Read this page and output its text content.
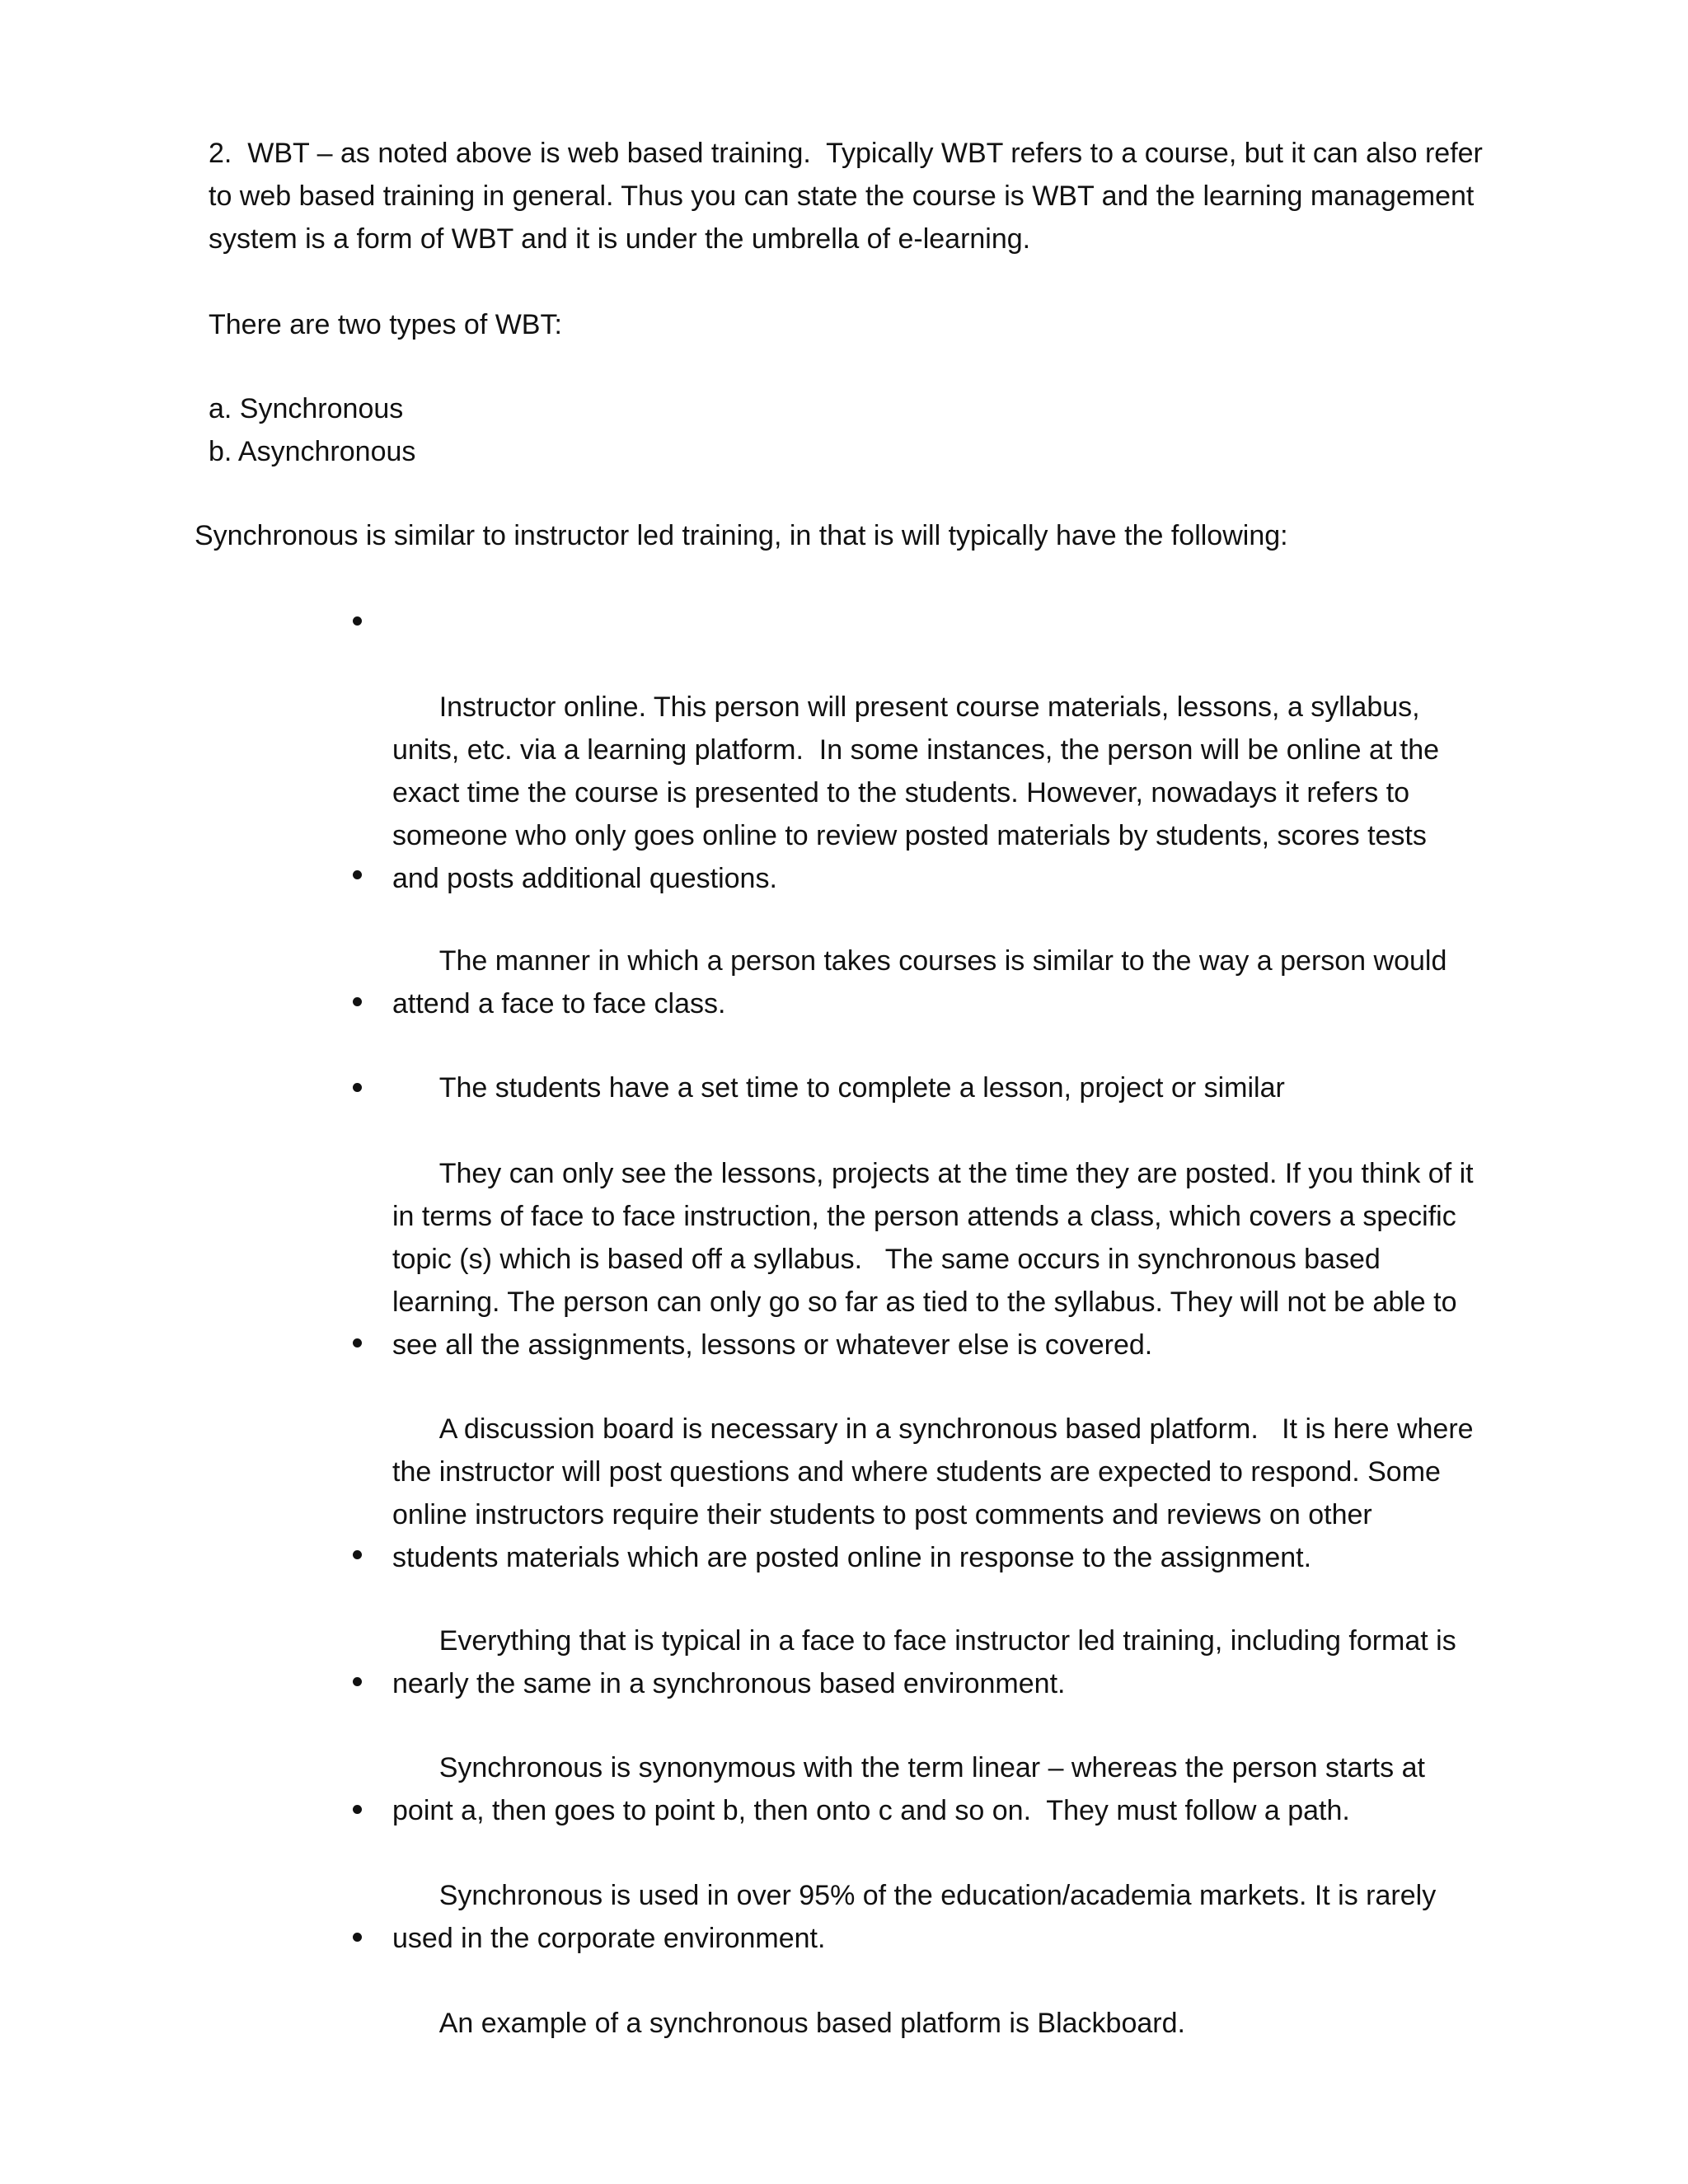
2.  WBT – as noted above is web based training.  Typically WBT refers to a course, but it can also refer to web based training in general. Thus you can state the course is WBT and the learning management system is a form of WBT and it is under the umbrella of e-learning.

There are two types of WBT:

a. Synchronous
b. Asynchronous

Synchronous is similar to instructor led training, in that is will typically have the following:

Instructor online. This person will present course materials, lessons, a syllabus, units, etc. via a learning platform.  In some instances, the person will be online at the exact time the course is presented to the students. However, nowadays it refers to someone who only goes online to review posted materials by students, scores tests and posts additional questions.

The manner in which a person takes courses is similar to the way a person would attend a face to face class.

The students have a set time to complete a lesson, project or similar

They can only see the lessons, projects at the time they are posted. If you think of it in terms of face to face instruction, the person attends a class, which covers a specific topic (s) which is based off a syllabus.   The same occurs in synchronous based learning. The person can only go so far as tied to the syllabus. They will not be able to see all the assignments, lessons or whatever else is covered.

A discussion board is necessary in a synchronous based platform.   It is here where the instructor will post questions and where students are expected to respond. Some online instructors require their students to post comments and reviews on other students materials which are posted online in response to the assignment.

Everything that is typical in a face to face instructor led training, including format is nearly the same in a synchronous based environment.

Synchronous is synonymous with the term linear – whereas the person starts at point a, then goes to point b, then onto c and so on.  They must follow a path.

Synchronous is used in over 95% of the education/academia markets. It is rarely used in the corporate environment.

An example of a synchronous based platform is Blackboard.
